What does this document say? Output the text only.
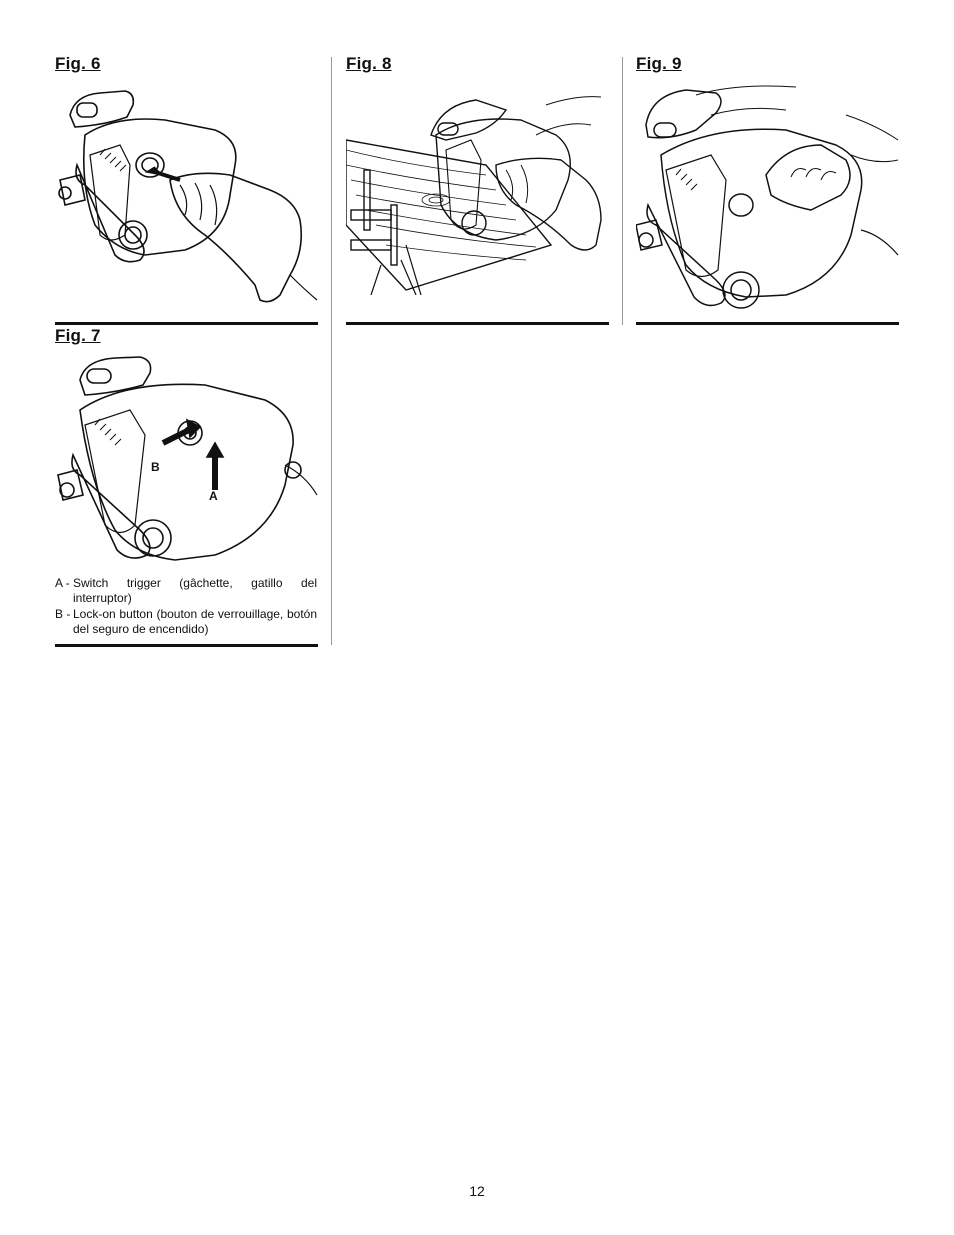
Fig. 6
Fig. 7
B
A
A - Switch trigger (gâchette, gatillo del interruptor)
B - Lock-on button (bouton de verrouillage, botón del seguro de encendido)
Fig. 8	Fig. 9
12
